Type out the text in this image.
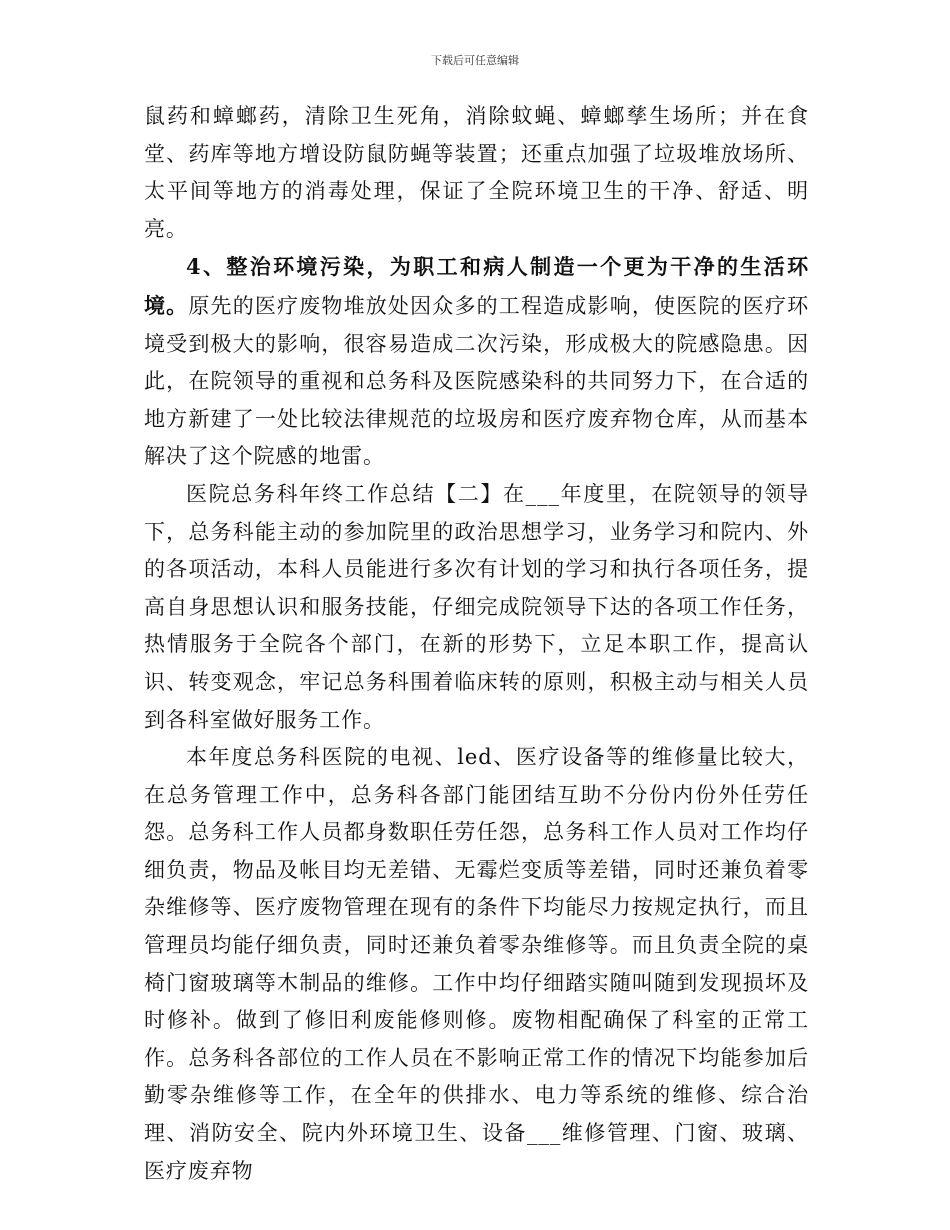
下载后可任意编辑

鼠药和蟑螂药，清除卫生死角，消除蚊蝇、蟑螂孳生场所；并在食堂、药库等地方增设防鼠防蝇等装置；还重点加强了垃圾堆放场所、太平间等地方的消毒处理，保证了全院环境卫生的干净、舒适、明亮。

4、整治环境污染，为职工和病人制造一个更为干净的生活环境。原先的医疗废物堆放处因众多的工程造成影响，使医院的医疗环境受到极大的影响，很容易造成二次污染，形成极大的院感隐患。因此，在院领导的重视和总务科及医院感染科的共同努力下，在合适的地方新建了一处比较法律规范的垃圾房和医疗废弃物仓库，从而基本解决了这个院感的地雷。

医院总务科年终工作总结【二】在___年度里，在院领导的领导下，总务科能主动的参加院里的政治思想学习，业务学习和院内、外的各项活动，本科人员能进行多次有计划的学习和执行各项任务，提高自身思想认识和服务技能，仔细完成院领导下达的各项工作任务，热情服务于全院各个部门，在新的形势下，立足本职工作，提高认识、转变观念，牢记总务科围着临床转的原则，积极主动与相关人员到各科室做好服务工作。

本年度总务科医院的电视、led、医疗设备等的维修量比较大，在总务管理工作中，总务科各部门能团结互助不分份内份外任劳任怨。总务科工作人员都身数职任劳任怨，总务科工作人员对工作均仔细负责，物品及帐目均无差错、无霉烂变质等差错，同时还兼负着零杂维修等、医疗废物管理在现有的条件下均能尽力按规定执行，而且管理员均能仔细负责，同时还兼负着零杂维修等。而且负责全院的桌椅门窗玻璃等木制品的维修。工作中均仔细踏实随叫随到发现损坏及时修补。做到了修旧利废能修则修。废物相配确保了科室的正常工作。总务科各部位的工作人员在不影响正常工作的情况下均能参加后勤零杂维修等工作，在全年的供排水、电力等系统的维修、综合治理、消防安全、院内外环境卫生、设备___维修管理、门窗、玻璃、医疗废弃物
